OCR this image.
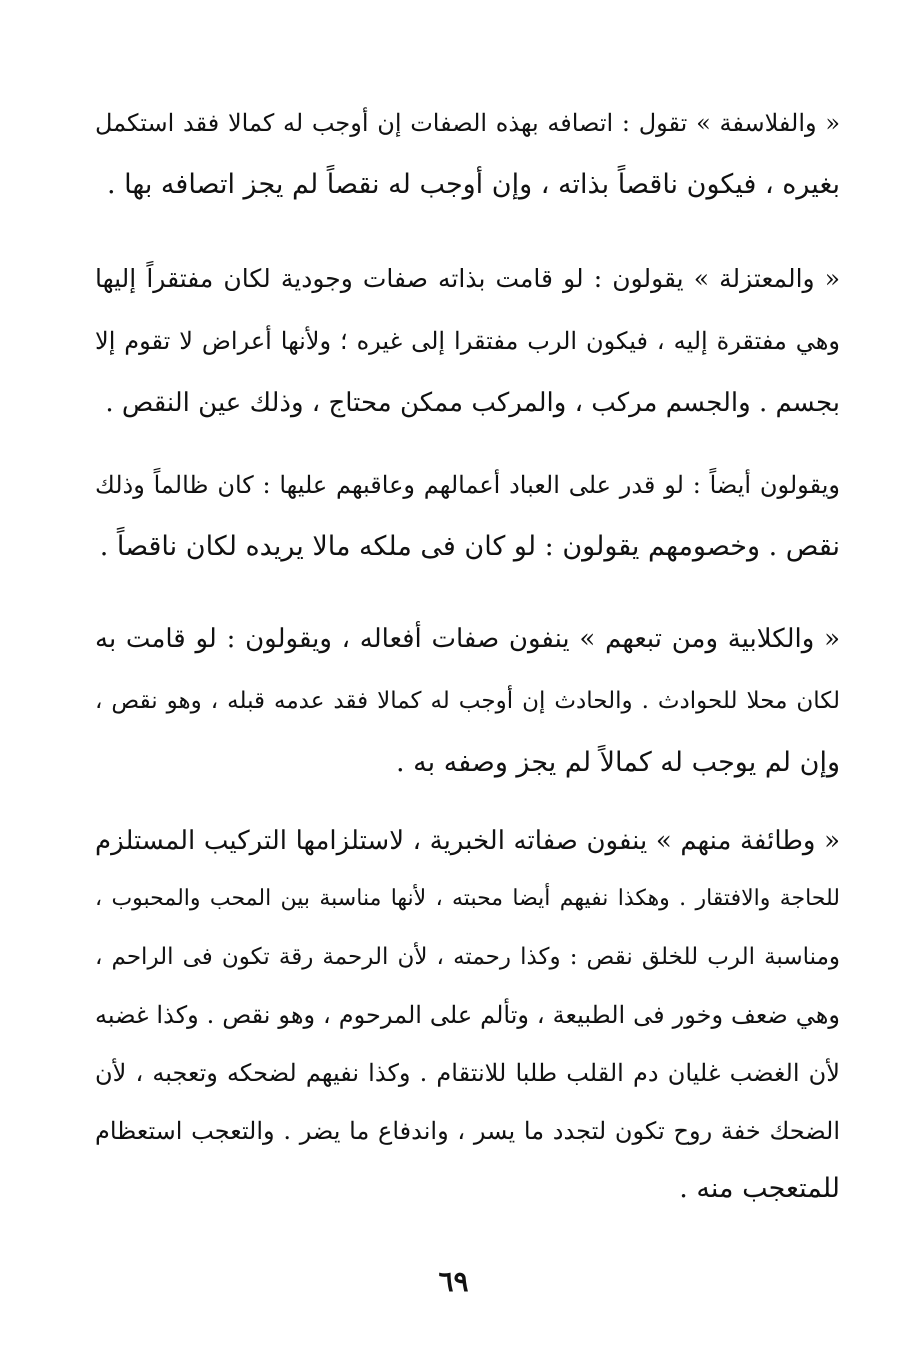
« والفلاسفة » تقول : اتصافه بهذه الصفات إن أوجب له كمالا فقد استكمل
بغيره ، فيكون ناقصاً بذاته ، وإن أوجب له نقصاً لم يجز اتصافه بها .
« والمعتزلة » يقولون : لو قامت بذاته صفات وجودية لكان مفتقراً إليها
وهي مفتقرة إليه ، فيكون الرب مفتقرا إلى غيره ؛ ولأنها أعراض لا تقوم إلا
بجسم . والجسم مركب ، والمركب ممكن محتاج ، وذلك عين النقص .
ويقولون أيضاً : لو قدر على العباد أعمالهم وعاقبهم عليها : كان ظالماً وذلك
نقص . وخصومهم يقولون : لو كان فى ملكه مالا يريده لكان ناقصاً .
« والكلابية ومن تبعهم » ينفون صفات أفعاله ، ويقولون : لو قامت به
لكان محلا للحوادث . والحادث إن أوجب له كمالا فقد عدمه قبله ، وهو نقص ،
وإن لم يوجب له كمالاً لم يجز وصفه به .
« وطائفة منهم » ينفون صفاته الخبرية ، لاستلزامها التركيب المستلزم
للحاجة والافتقار . وهكذا نفيهم أيضا محبته ، لأنها مناسبة بين المحب والمحبوب ،
ومناسبة الرب للخلق نقص : وكذا رحمته ، لأن الرحمة رقة تكون فى الراحم ،
وهي ضعف وخور فى الطبيعة ، وتألم على المرحوم ، وهو نقص . وكذا غضبه
لأن الغضب غليان دم القلب طلبا للانتقام . وكذا نفيهم لضحكه وتعجبه ، لأن
الضحك خفة روح تكون لتجدد ما يسر ، واندفاع ما يضر . والتعجب استعظام
للمتعجب منه .
٦٩
